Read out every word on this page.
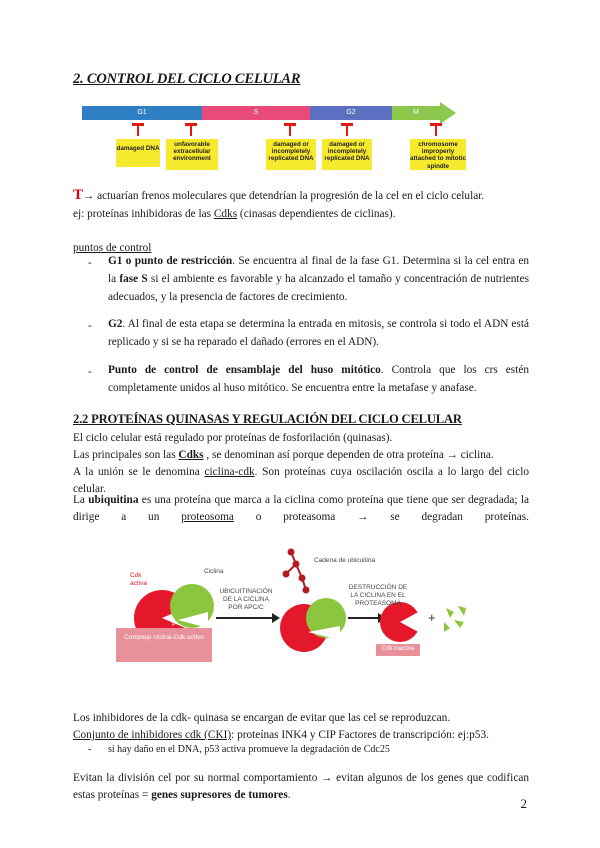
2. CONTROL DEL CICLO CELULAR
G1	S	G2	M
damaged DNA
unfavorable extracellular environment
damaged or incompletely replicated DNA
damaged or incompletely replicated DNA
chromosome improperly attached to mitotic spindle
T→ actuarían frenos moleculares que detendrían la progresión de la cel en el ciclo celular.
ej: proteínas inhibidoras de las Cdks (cinasas dependientes de ciclinas).
puntos de control
- G1 o punto de restricción. Se encuentra al final de la fase G1. Determina si la cel entra en la fase S si el ambiente es favorable y ha alcanzado el tamaño y concentración de nutrientes adecuados, y la presencia de factores de crecimiento.
- G2. Al final de esta etapa se determina la entrada en mitosis, se controla si todo el ADN está replicado y si se ha reparado el dañado (errores en el ADN).
- Punto de control de ensamblaje del huso mitótico. Controla que los crs estén completamente unidos al huso mitótico. Se encuentra entre la metafase y anafase.
2.2 PROTEÍNAS QUINASAS Y REGULACIÓN DEL CICLO CELULAR
El ciclo celular está regulado por proteínas de fosforilación (quinasas).
Las principales son las Cdks , se denominan así porque dependen de otra proteína → ciclina.
A la unión se le denomina ciclina-cdk. Son proteínas cuya oscilación oscila a lo largo del ciclo celular.
La ubiquitina es una proteína que marca a la ciclina como proteína que tiene que ser degradada; la dirige a un proteosoma o proteasoma → se degradan proteínas.
Cdk activa
Ciclina
Complejo ciclina-Cdk activo
P
UBICUITINACIÓN DE LA CICLINA POR APC/C
Cadena de ubicuitina
DESTRUCCIÓN DE LA CICLINA EN EL PROTEASOMA
Cdk inactiva
+
Los inhibidores de la cdk- quinasa se encargan de evitar que las cel se reproduzcan.
Conjunto de inhibidores cdk (CKI): proteínas INK4 y CIP Factores de transcripción: ej:p53.
- si hay daño en el DNA, p53 activa promueve la degradación de Cdc25
Evitan la división cel por su normal comportamiento → evitan algunos de los genes que codifican estas proteínas = genes supresores de tumores.
2
